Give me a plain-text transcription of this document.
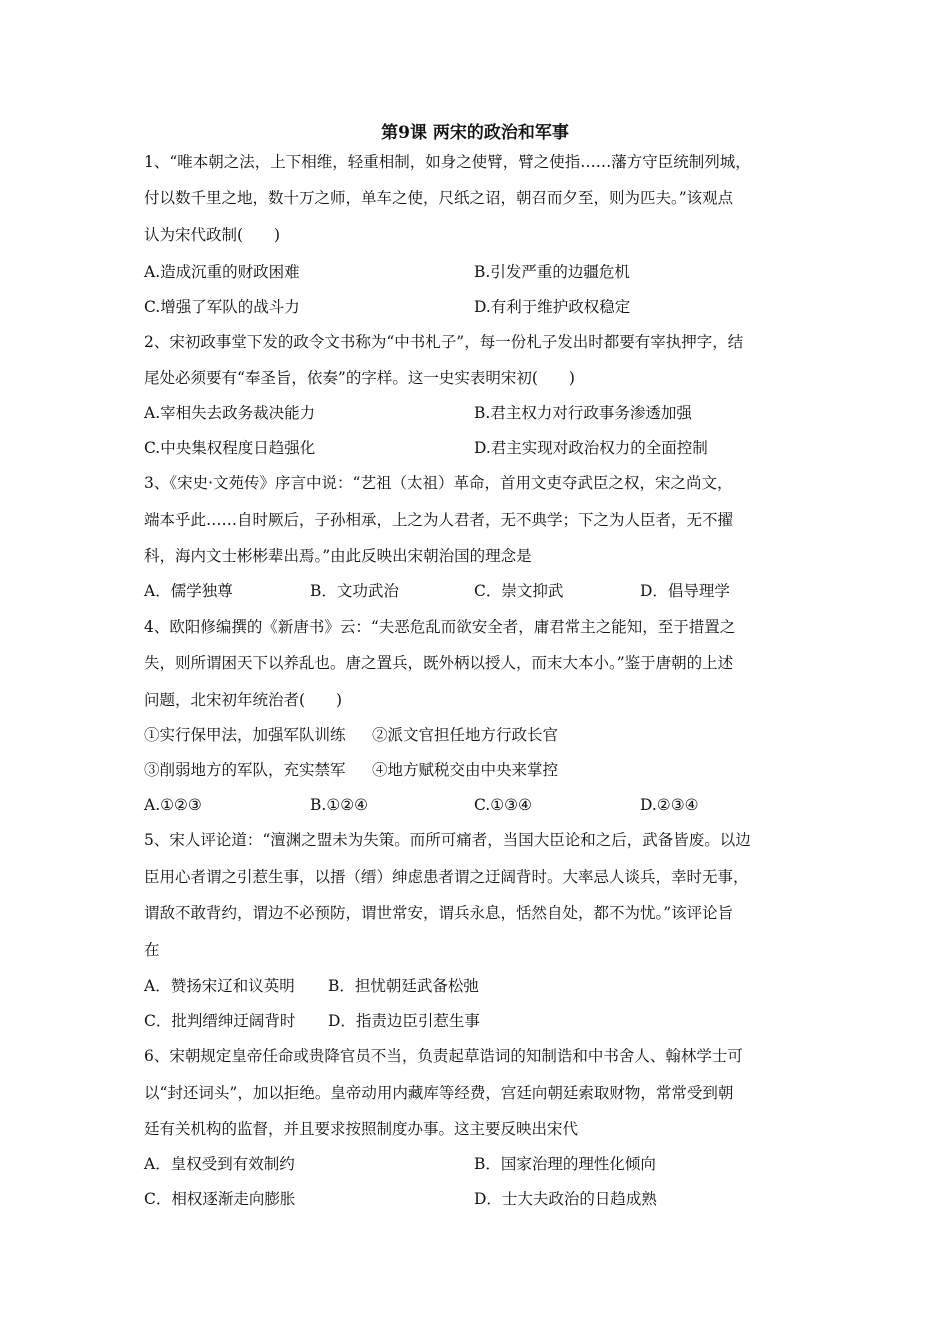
第9课 两宋的政治和军事
1、“唯本朝之法，上下相维，轻重相制，如身之使臂，臂之使指……藩方守臣统制列城，
付以数千里之地，数十万之师，单车之使，尺纸之诏，朝召而夕至，则为匹夫。”该观点
认为宋代政制(　　)
A.造成沉重的财政困难	B.引发严重的边疆危机
C.增强了军队的战斗力	D.有利于维护政权稳定
2、宋初政事堂下发的政令文书称为“中书札子”，每一份札子发出时都要有宰执押字，结
尾处必须要有“奉圣旨，依奏”的字样。这一史实表明宋初(　　)
A.宰相失去政务裁决能力	B.君主权力对行政事务渗透加强
C.中央集权程度日趋强化	D.君主实现对政治权力的全面控制
3、《宋史·文苑传》序言中说：“艺祖（太祖）革命，首用文吏夺武臣之权，宋之尚文，
端本乎此……自时厥后，子孙相承，上之为人君者，无不典学；下之为人臣者，无不擢
科，海内文士彬彬辈出焉。”由此反映出宋朝治国的理念是
A．儒学独尊	B．文功武治	C．崇文抑武	D．倡导理学
4、欧阳修编撰的《新唐书》云：“夫恶危乱而欲安全者，庸君常主之能知，至于措置之
失，则所谓困天下以养乱也。唐之置兵，既外柄以授人，而末大本小。”鉴于唐朝的上述
问题，北宋初年统治者(　　)
①实行保甲法，加强军队训练 ②派文官担任地方行政长官
③削弱地方的军队，充实禁军 ④地方赋税交由中央来掌控
A.①②③	B.①②④	C.①③④	D.②③④
5、宋人评论道：“澶渊之盟未为失策。而所可痛者，当国大臣论和之后，武备皆废。以边
臣用心者谓之引惹生事，以搢（缙）绅虑患者谓之迂阔背时。大率忌人谈兵，幸时无事，
谓敌不敢背约，谓边不必预防，谓世常安，谓兵永息，恬然自处，都不为忧。”该评论旨
在
A．赞扬宋辽和议英明 B．担忧朝廷武备松弛
C．批判缙绅迂阔背时 D．指责边臣引惹生事
6、宋朝规定皇帝任命或贵降官员不当，负责起草诰词的知制诰和中书舍人、翰林学士可
以“封还词头”，加以拒绝。皇帝动用内藏库等经费，宫廷向朝廷索取财物，常常受到朝
廷有关机构的监督，并且要求按照制度办事。这主要反映出宋代
A．皇权受到有效制约	B．国家治理的理性化倾向
C．相权逐渐走向膨胀	D．士大夫政治的日趋成熟
